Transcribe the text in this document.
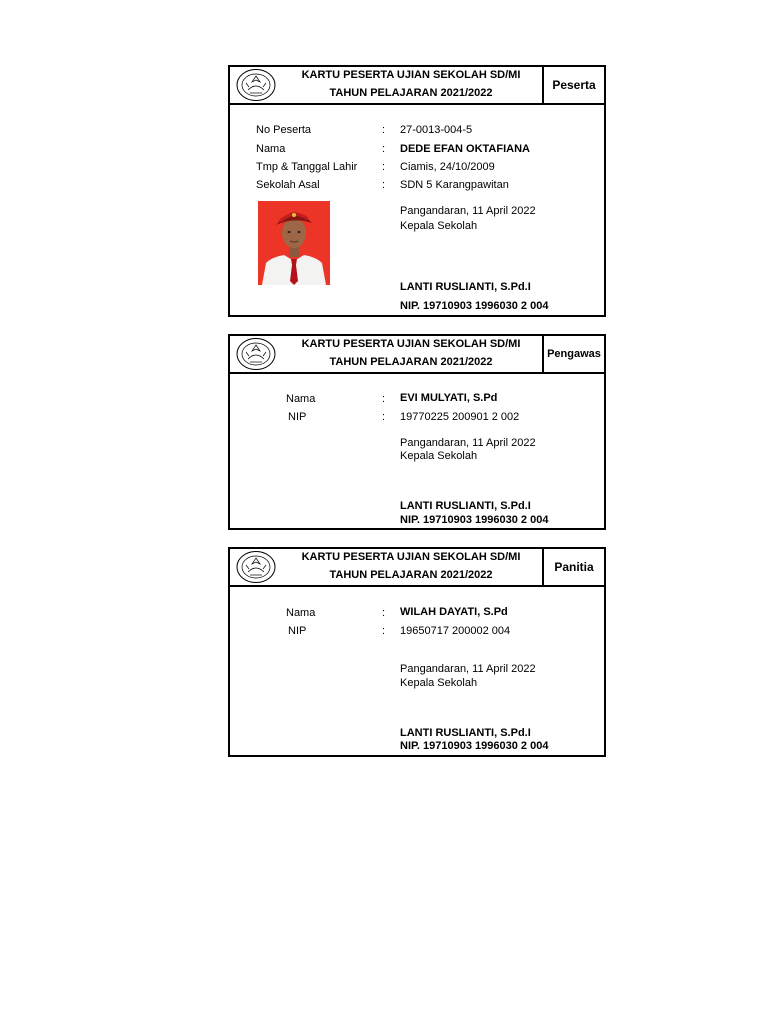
KARTU PESERTA UJIAN SEKOLAH SD/MI
TAHUN PELAJARAN 2021/2022
Peserta
No Peserta	:	27-0013-004-5
Nama	:	DEDE EFAN OKTAFIANA
Tmp & Tanggal Lahir :	Ciamis, 24/10/2009
Sekolah Asal	:	SDN 5 Karangpawitan
Pangandaran, 11 April 2022
Kepala Sekolah
LANTI RUSLIANTI, S.Pd.I
NIP. 19710903 1996030 2 004
KARTU PESERTA UJIAN SEKOLAH SD/MI
TAHUN PELAJARAN 2021/2022
Pengawas
Nama	:	EVI MULYATI, S.Pd
NIP	:	19770225 200901 2 002
Pangandaran, 11 April 2022
Kepala Sekolah
LANTI RUSLIANTI, S.Pd.I
NIP. 19710903 1996030 2 004
KARTU PESERTA UJIAN SEKOLAH SD/MI
TAHUN PELAJARAN 2021/2022
Panitia
Nama	:	WILAH DAYATI, S.Pd
NIP	:	19650717 200002 004
Pangandaran, 11 April 2022
Kepala Sekolah
LANTI RUSLIANTI, S.Pd.I
NIP. 19710903 1996030 2 004
